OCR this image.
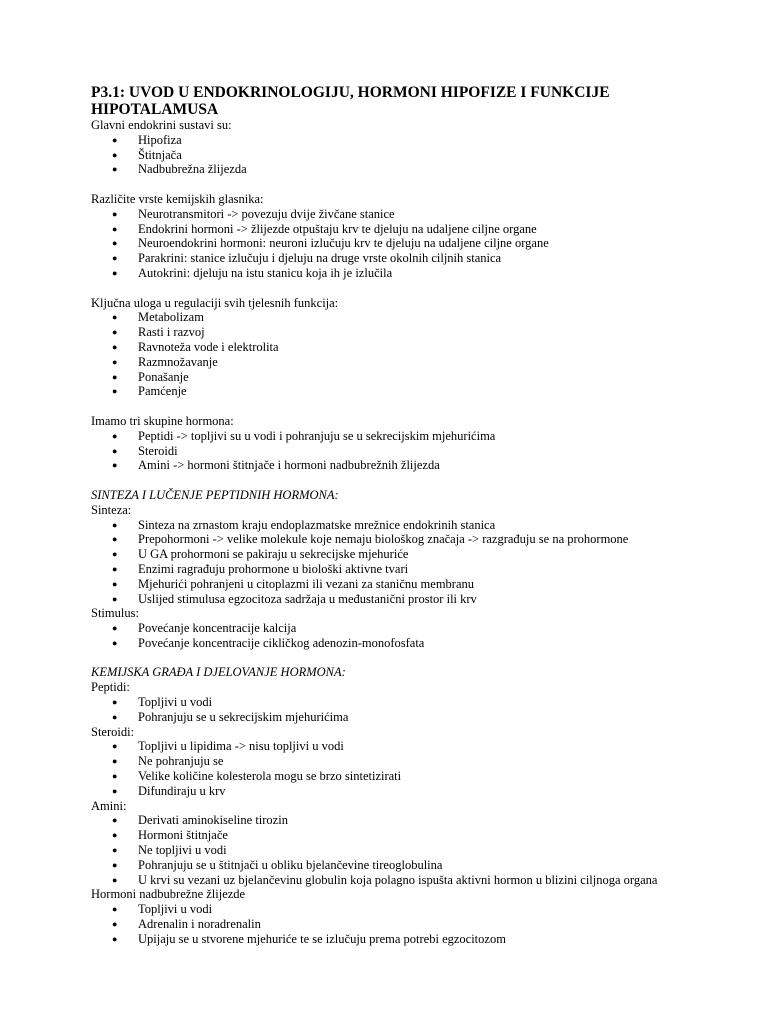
P3.1: UVOD U ENDOKRINOLOGIJU, HORMONI HIPOFIZE I FUNKCIJE HIPOTALAMUSA

Glavni endokrini sustavi su:

● Hipofiza
● Štitnjača
● Nadbubrežna žlijezda

Različite vrste kemijskih glasnika:

● Neurotransmitori -> povezuju dvije živčane stanice
● Endokrini hormoni -> žlijezde otpuštaju krv te djeluju na udaljene ciljne organe
● Neuroendokrini hormoni: neuroni izlučuju krv te djeluju na udaljene ciljne organe
● Parakrini: stanice izlučuju i djeluju na druge vrste okolnih ciljnih stanica
● Autokrini: djeluju na istu stanicu koja ih je izlučila

Ključna uloga u regulaciji svih tjelesnih funkcija:

● Metabolizam
● Rasti i razvoj
● Ravnoteža vode i elektrolita
● Razmnožavanje
● Ponašanje
● Pamćenje

Imamo tri skupine hormona:

● Peptidi -> topljivi su u vodi i pohranjuju se u sekrecijskim mjehurićima
● Steroidi
● Amini -> hormoni štitnjače i hormoni nadbubrežnih žlijezda

SINTEZA I LUČENJE PEPTIDNIH HORMONA:

Sinteza:

● Sinteza na zrnastom kraju endoplazmatske mrežnice endokrinih stanica
● Prepohormoni -> velike molekule koje nemaju biološkog značaja -> razgrađuju se na prohormone
● U GA prohormoni se pakiraju u sekrecijske mjehuriće
● Enzimi ragrađuju prohormone u biološki aktivne tvari
● Mjehurići pohranjeni u citoplazmi ili vezani za staničnu membranu
● Uslijed stimulusa egzocitoza sadržaja u međustanični prostor ili krv

Stimulus:

● Povećanje koncentracije kalcija
● Povećanje koncentracije cikličkog adenozin-monofosfata

KEMIJSKA GRAĐA I DJELOVANJE HORMONA:

Peptidi:

● Topljivi u vodi
● Pohranjuju se u sekrecijskim mjehurićima

Steroidi:

● Topljivi u lipidima -> nisu topljivi u vodi
● Ne pohranjuju se
● Velike količine kolesterola mogu se brzo sintetizirati
● Difundiraju u krv

Amini:

● Derivati aminokiseline tirozin
● Hormoni štitnjače
● Ne topljivi u vodi
● Pohranjuju se u štitnjači u obliku bjelančevine tireoglobulina
● U krvi su vezani uz bjelančevinu globulin koja polagno ispušta aktivni hormon u blizini ciljnoga organa

Hormoni nadbubrežne žlijezde

● Topljivi u vodi
● Adrenalin i noradrenalin
● Upijaju se u stvorene mjehuriće te se izlučuju prema potrebi egzocitozom
